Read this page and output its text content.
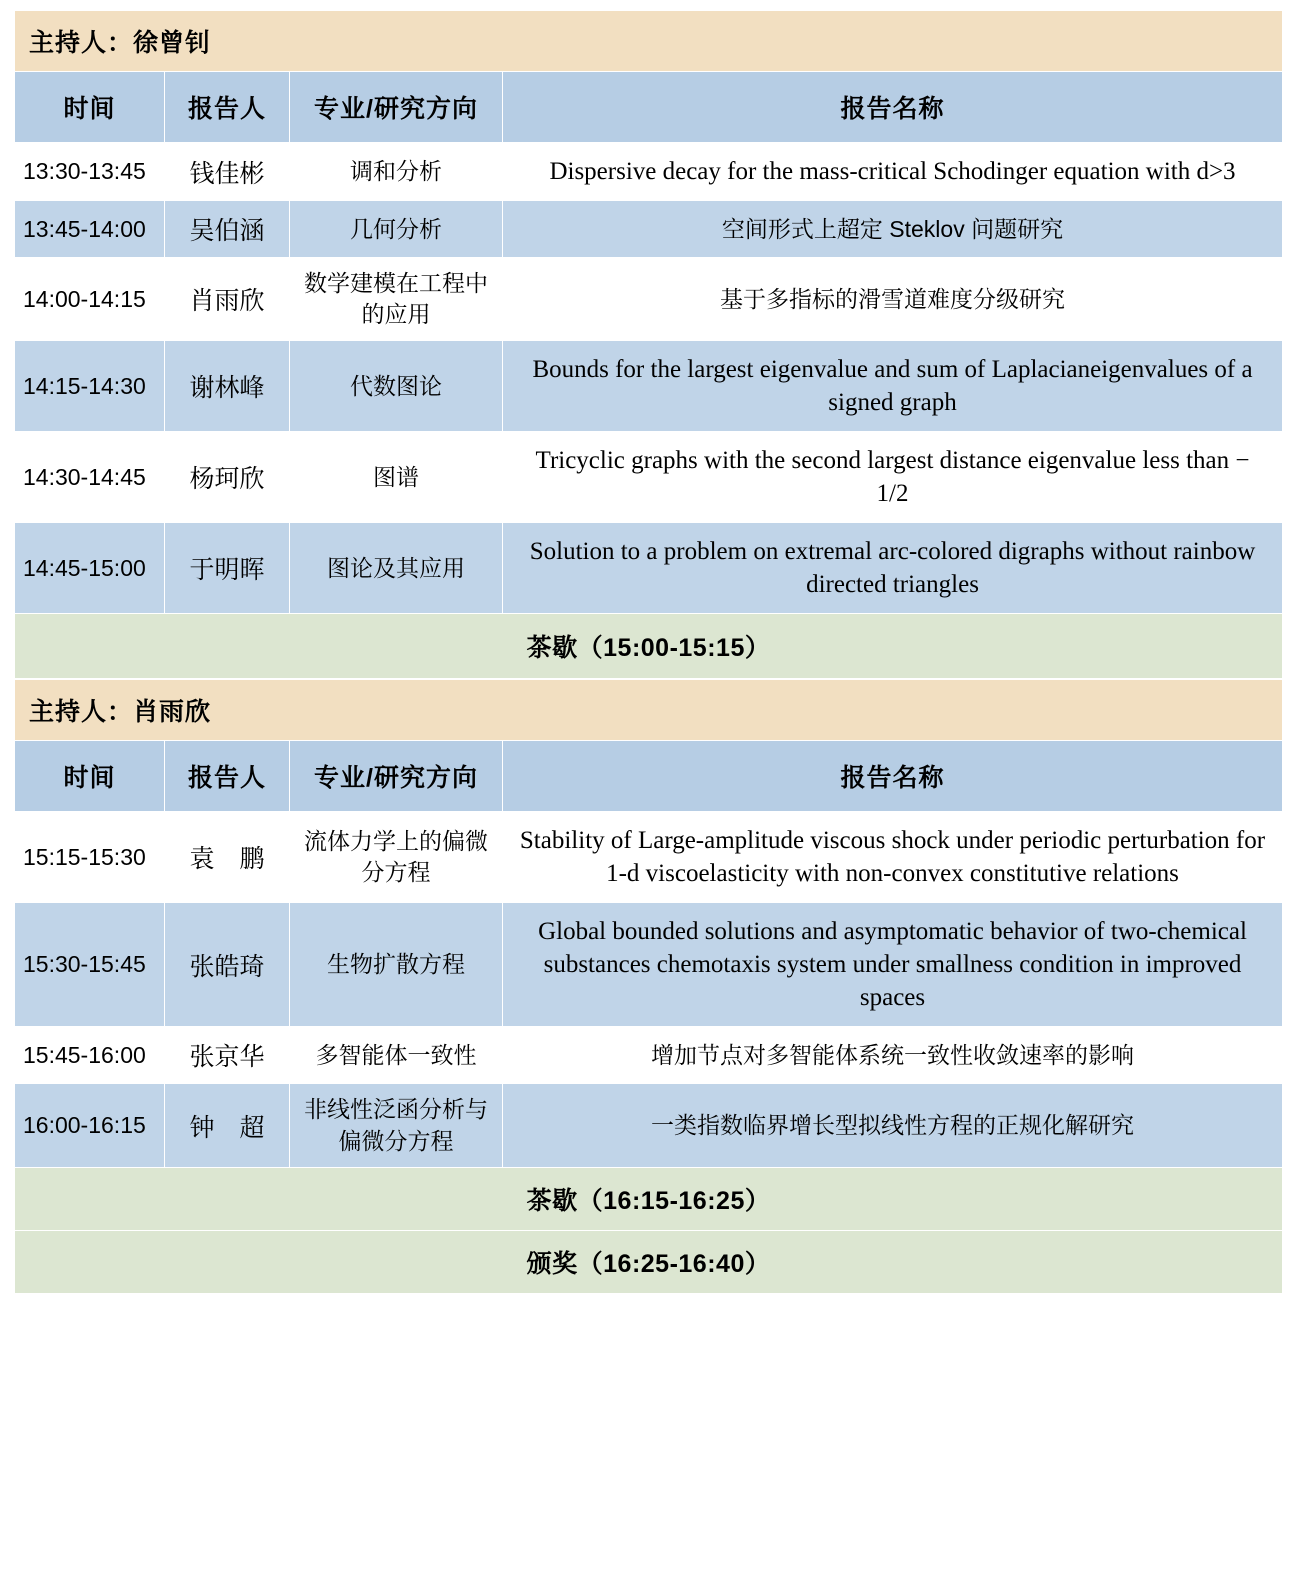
主持人：徐曾钊			
时间	报告人	专业/研究方向	报告名称
13:30-13:45	钱佳彬	调和分析	Dispersive decay for the mass-critical Schodinger equation with d>3
13:45-14:00	吴伯涵	几何分析	空间形式上超定 Steklov 问题研究
14:00-14:15	肖雨欣	数学建模在工程中的应用	基于多指标的滑雪道难度分级研究
14:15-14:30	谢林峰	代数图论	Bounds for the largest eigenvalue and sum of Laplacianeigenvalues of a signed graph
14:30-14:45	杨珂欣	图谱	Tricyclic graphs with the second largest distance eigenvalue less than − 1/2
14:45-15:00	于明晖	图论及其应用	Solution to a problem on extremal arc-colored digraphs without rainbow directed triangles
茶歇（15:00-15:15）			
主持人：肖雨欣			
时间	报告人	专业/研究方向	报告名称
15:15-15:30	袁　鹏	流体力学上的偏微分方程	Stability of Large-amplitude viscous shock under periodic perturbation for 1-d viscoelasticity with non-convex constitutive relations
15:30-15:45	张皓琦	生物扩散方程	Global bounded solutions and asymptomatic behavior of two-chemical substances chemotaxis system under smallness condition in improved spaces
15:45-16:00	张京华	多智能体一致性	增加节点对多智能体系统一致性收敛速率的影响
16:00-16:15	钟　超	非线性泛函分析与偏微分方程	一类指数临界增长型拟线性方程的正规化解研究
茶歇（16:15-16:25）			
颁奖（16:25-16:40）			
